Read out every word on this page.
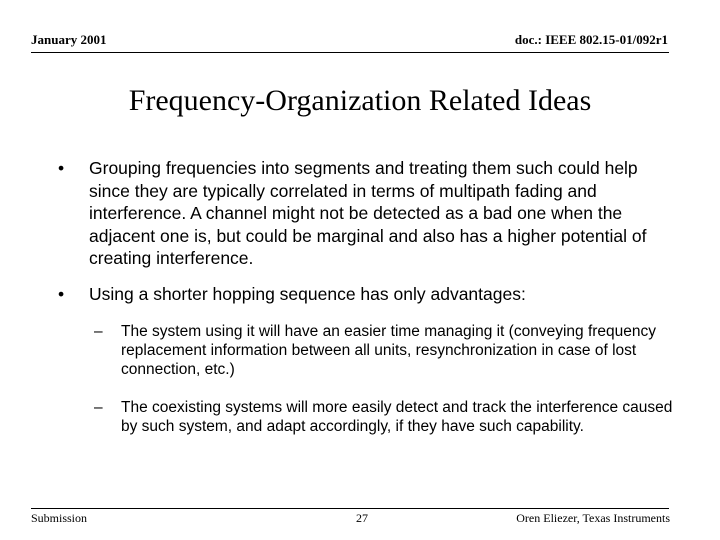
January 2001	doc.: IEEE 802.15-01/092r1
Frequency-Organization Related Ideas
• Grouping frequencies into segments and treating them such could help since they are typically correlated in terms of multipath fading and interference. A channel might not be detected as a bad one when the adjacent one is, but could be marginal and also has a higher potential of creating interference.
• Using a shorter hopping sequence has only advantages:
– The system using it will have an easier time managing it (conveying frequency replacement information between all units, resynchronization in case of lost connection, etc.)
– The coexisting systems will more easily detect and track the interference caused by such system, and adapt accordingly, if they have such capability.
Submission	27	Oren Eliezer, Texas Instruments
